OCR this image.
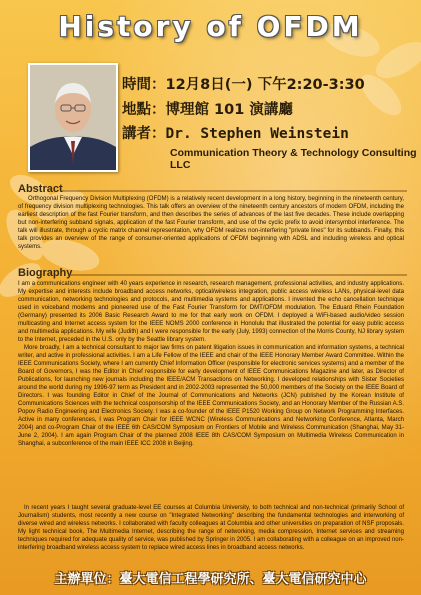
History of OFDM
時間：12月8日(一) 下午2:20-3:30
地點：博理館 101 演講廳
講者：Dr. Stephen Weinstein
Communication Theory & Technology Consulting LLC
Abstract
Orthogonal Frequency Division Multiplexing (OFDM) is a relatively recent development in a long history, beginning in the nineteenth century, of frequency division multiplexing technologies. This talk offers an overview of the nineteenth century ancestors of modern OFDM, including the earliest description of the fast Fourier transform, and then describes the series of advances of the last five decades. These include overlapping but non-interfering subband signals, application of the fast Fourier transform, and use of the cyclic prefix to avoid intersymbol interference. The talk will illustrate, through a cyclic matrix channel representation, why OFDM realizes non-interfering "private lines" for its subbands. Finally, this talk provides an overview of the range of consumer-oriented applications of OFDM beginning with ADSL and including wireless and optical systems.
Biography
I am a communications engineer with 40 years experience in research, research management, professional activities, and industry applications. My expertise and interests include broadband access networks, optical/wireless integration, public access wireless LANs, physical-level data communication, networking technologies and protocols, and multimedia systems and applications. I invented the echo cancellation technique used in voiceband modems and pioneered use of the Fast Fourier Transform for DMT/OFDM modulation. The Eduard Rhein Foundation (Germany) presented its 2006 Basic Research Award to me for that early work on OFDM. I deployed a WiFi-based audio/video session multicasting and Internet access system for the IEEE NOMS 2000 conference in Honolulu that illustrated the potential for easy public access and multimedia applications. My wife (Judith) and I were responsible for the early (July, 1993) connection of the Morris County, NJ library system to the Internet, preceded in the U.S. only by the Seattle library system.
More broadly, I am a technical consultant to major law firms on patent litigation issues in communication and information systems, a technical writer, and active in professional activities. I am a Life Fellow of the IEEE and chair of the IEEE Honorary Member Award Committee. Within the IEEE Communications Society, where I am currently Chief Information Officer (responsible for electronic services systems) and a member of the Board of Governors, I was the Editor in Chief responsible for early development of IEEE Communications Magazine and later, as Director of Publications, for launching new journals including the IEEE/ACM Transactions on Networking. I developed relationships with Sister Societies around the world during my 1996-97 term as President and in 2002-2003 represented the 50,000 members of the Society on the IEEE Board of Directors. I was founding Editor in Chief of the Journal of Communications and Networks (JCN) published by the Korean Institute of Communications Sciences with the technical cosponsorship of the IEEE Communications Society, and an Honorary Member of the Russian A.S. Popov Radio Engineering and Electronics Society. I was a co-founder of the IEEE P1520 Working Group on Network Programming Interfaces. Active in many conferences, I was Program Chair for IEEE WCNC (Wireless Communications and Networking Conference, Atlanta, March 2004) and co-Program Chair of the IEEE 6th CAS/COM Symposium on Frontiers of Mobile and Wireless Communication (Shanghai, May 31-June 2, 2004). I am again Program Chair of the planned 2008 IEEE 8th CAS/COM Symposium on Multimedia Wireless Communication in Shanghai, a subconference of the main IEEE ICC 2008 in Beijing.
In recent years I taught several graduate-level EE courses at Columbia University, to both technical and non-technical (primarily School of Journalism) students, most recently a new course on "Integrated Networking" describing the fundamental technologies and interworking of diverse wired and wireless networks. I collaborated with faculty colleagues at Columbia and other universities on preparation of NSF proposals. My light technical book, The Multimedia Internet, describing the range of networking, media compression, Internet services and streaming techniques required for adequate quality of service, was published by Springer in 2005. I am collaborating with a colleague on an improved non-interfering broadband wireless access system to replace wired access lines in broadband access networks.
主辦單位：臺大電信工程學研究所、臺大電信研究中心
